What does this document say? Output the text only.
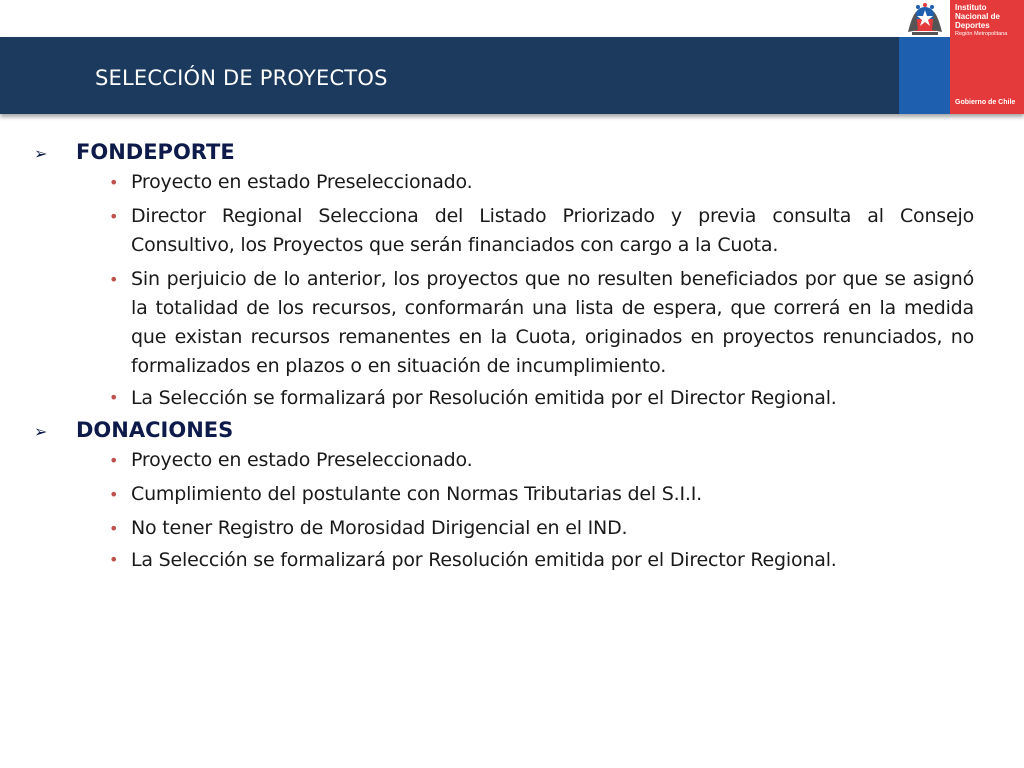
SELECCIÓN DE PROYECTOS
Instituto
Nacional de
Deportes
Región Metropolitana
Gobierno de Chile
➢	FONDEPORTE
• Proyecto en estado Preseleccionado.
• Director Regional Selecciona del Listado Priorizado y previa consulta al Consejo Consultivo, los Proyectos que serán financiados con cargo a la Cuota.
• Sin perjuicio de lo anterior, los proyectos que no resulten beneficiados por que se asignó la totalidad de los recursos, conformarán una lista de espera, que correrá en la medida que existan recursos remanentes en la Cuota, originados en proyectos renunciados, no formalizados en plazos o en situación de incumplimiento.
• La Selección se formalizará por Resolución emitida por el Director Regional.
➢	DONACIONES
• Proyecto en estado Preseleccionado.
• Cumplimiento del postulante con Normas Tributarias del S.I.I.
• No tener Registro de Morosidad Dirigencial en el IND.
• La Selección se formalizará por Resolución emitida por el Director Regional.
